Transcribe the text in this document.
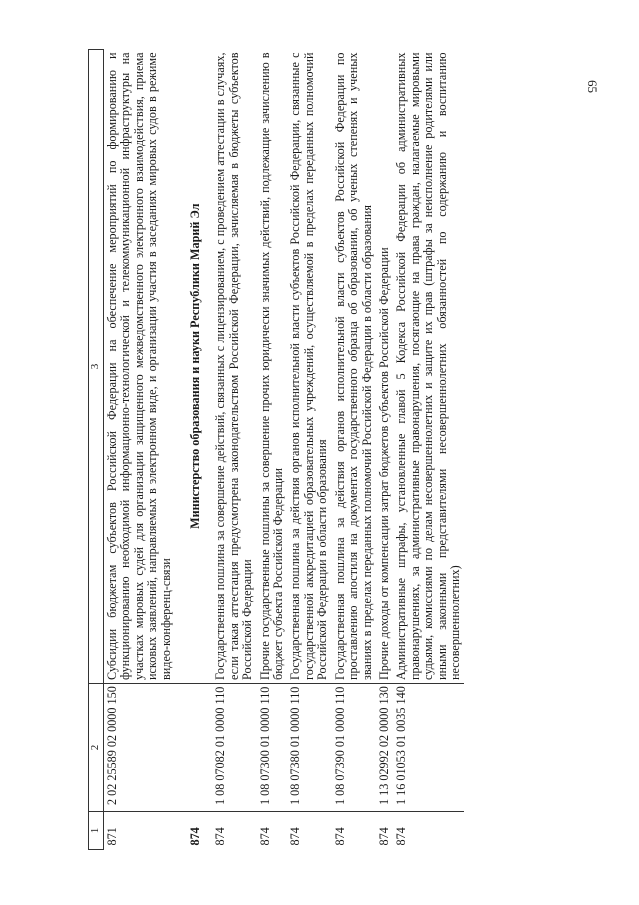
65
1	2	3
871	2 02 25589 02 0000 150	Субсидии бюджетам субъектов Российской Федерации на обеспечение мероприятий по формированию и функционированию необходимой информационно-технологической и телекоммуникационной инфраструктуры на участках мировых судей для организации защищенного межведомственного электронного взаимодействия, приема исковых заявлений, направляемых в электронном виде, и организации участия в заседаниях мировых судов в режиме видео-конференц-связи
874		Министерство образования и науки Республики Марий Эл
874	1 08 07082 01 0000 110	Государственная пошлина за совершение действий, связанных с лицензированием, с проведением аттестации в случаях, если такая аттестация предусмотрена законодательством Российской Федерации, зачисляемая в бюджеты субъектов Российской Федерации
874	1 08 07300 01 0000 110	Прочие государственные пошлины за совершение прочих юридически значимых действий, подлежащие зачислению в бюджет субъекта Российской Федерации
874	1 08 07380 01 0000 110	Государственная пошлина за действия органов исполнительной власти субъектов Российской Федерации, связанные с государственной аккредитацией образовательных учреждений, осуществляемой в пределах переданных полномочий Российской Федерации в области образования
874	1 08 07390 01 0000 110	Государственная пошлина за действия органов исполнительной власти субъектов Российской Федерации по проставлению апостиля на документах государственного образца об образовании, об ученых степенях и ученых званиях в пределах переданных полномочий Российской Федерации в области образования
874	1 13 02992 02 0000 130	Прочие доходы от компенсации затрат бюджетов субъектов Российской Федерации
874	1 16 01053 01 0035 140	Административные штрафы, установленные главой 5 Кодекса Российской Федерации об административных правонарушениях, за административные правонарушения, посягающие на права граждан, налагаемые мировыми судьями, комиссиями по делам несовершеннолетних и защите их прав (штрафы за неисполнение родителями или иными законными представителями несовершеннолетних обязанностей по содержанию и воспитанию несовершеннолетних)
